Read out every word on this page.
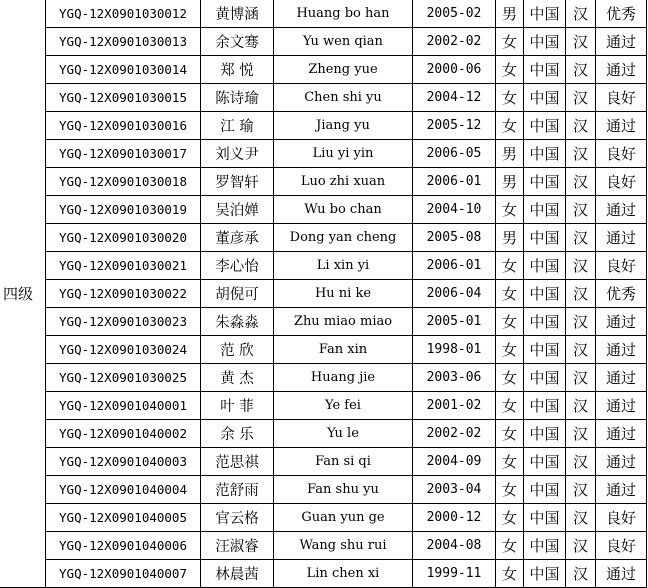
四级	YGQ-12X0901030012	黄博涵	Huang bo han	2005-02	男	中国	汉	优秀
	YGQ-12X0901030013	余文骞	Yu wen qian	2002-02	女	中国	汉	通过
	YGQ-12X0901030014	郑 悦	Zheng yue	2000-06	女	中国	汉	通过
	YGQ-12X0901030015	陈诗瑜	Chen shi yu	2004-12	女	中国	汉	良好
	YGQ-12X0901030016	江 瑜	Jiang yu	2005-12	女	中国	汉	通过
	YGQ-12X0901030017	刘义尹	Liu yi yin	2006-05	男	中国	汉	良好
	YGQ-12X0901030018	罗智轩	Luo zhi xuan	2006-01	男	中国	汉	良好
	YGQ-12X0901030019	吴泊婵	Wu bo chan	2004-10	女	中国	汉	通过
	YGQ-12X0901030020	董彦承	Dong yan cheng	2005-08	男	中国	汉	通过
	YGQ-12X0901030021	李心怡	Li xin yi	2006-01	女	中国	汉	良好
	YGQ-12X0901030022	胡倪可	Hu ni ke	2006-04	女	中国	汉	优秀
	YGQ-12X0901030023	朱淼淼	Zhu miao miao	2005-01	女	中国	汉	通过
	YGQ-12X0901030024	范 欣	Fan xin	1998-01	女	中国	汉	通过
	YGQ-12X0901030025	黄 杰	Huang jie	2003-06	女	中国	汉	通过
	YGQ-12X0901040001	叶 菲	Ye fei	2001-02	女	中国	汉	通过
	YGQ-12X0901040002	余 乐	Yu le	2002-02	女	中国	汉	通过
	YGQ-12X0901040003	范思祺	Fan si qi	2004-09	女	中国	汉	通过
	YGQ-12X0901040004	范舒雨	Fan shu yu	2003-04	女	中国	汉	通过
	YGQ-12X0901040005	官云格	Guan yun ge	2000-12	女	中国	汉	良好
	YGQ-12X0901040006	汪淑睿	Wang shu rui	2004-08	女	中国	汉	良好
	YGQ-12X0901040007	林晨茜	Lin chen xi	1999-11	女	中国	汉	通过
